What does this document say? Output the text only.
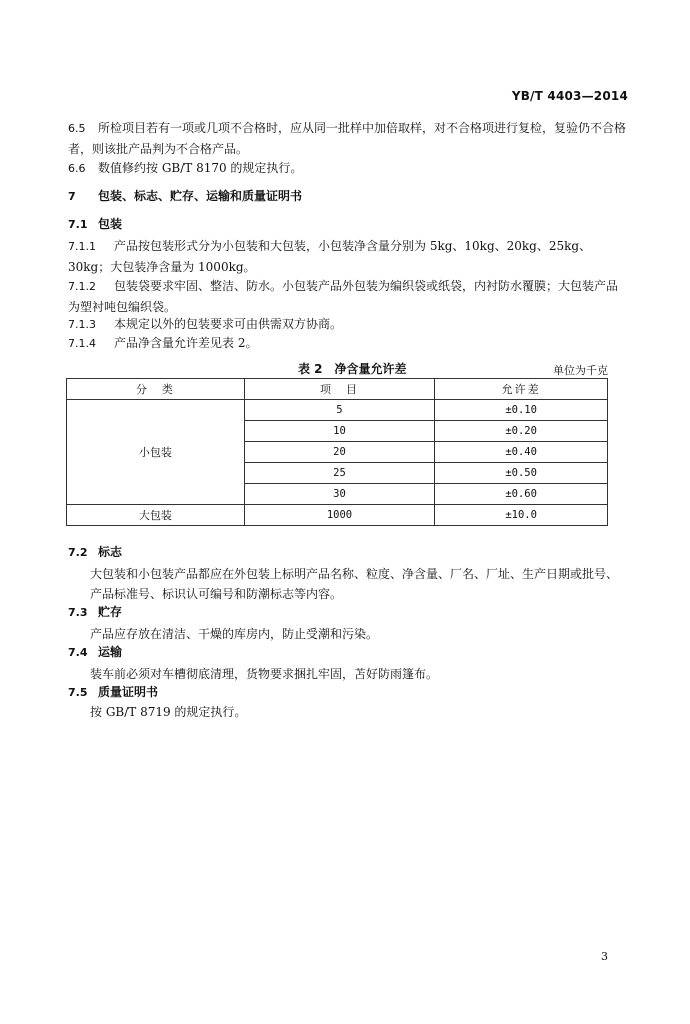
YB/T 4403—2014
6.5 所检项目若有一项或几项不合格时，应从同一批样中加倍取样，对不合格项进行复检，复验仍不合格者，则该批产品判为不合格产品。
6.6 数值修约按 GB/T 8170 的规定执行。
7 包装、标志、贮存、运输和质量证明书
7.1 包装
7.1.1 产品按包装形式分为小包装和大包装，小包装净含量分别为 5kg、10kg、20kg、25kg、30kg；大包装净含量为 1000kg。
7.1.2 包装袋要求牢固、整洁、防水。小包装产品外包装为编织袋或纸袋，内衬防水覆膜；大包装产品为塑衬吨包编织袋。
7.1.3 本规定以外的包装要求可由供需双方协商。
7.1.4 产品净含量允许差见表 2。
表 2　净含量允许差	单位为千克
分　类	项　目	允许差
小包装	5	±0.10
	10	±0.20
	20	±0.40
	25	±0.50
	30	±0.60
大包装	1000	±10.0
7.2 标志
大包装和小包装产品都应在外包装上标明产品名称、粒度、净含量、厂名、厂址、生产日期或批号、产品标准号、标识认可编号和防潮标志等内容。
7.3 贮存
产品应存放在清洁、干燥的库房内，防止受潮和污染。
7.4 运输
装车前必须对车槽彻底清理，货物要求捆扎牢固，苫好防雨篷布。
7.5 质量证明书
按 GB/T 8719 的规定执行。
3
